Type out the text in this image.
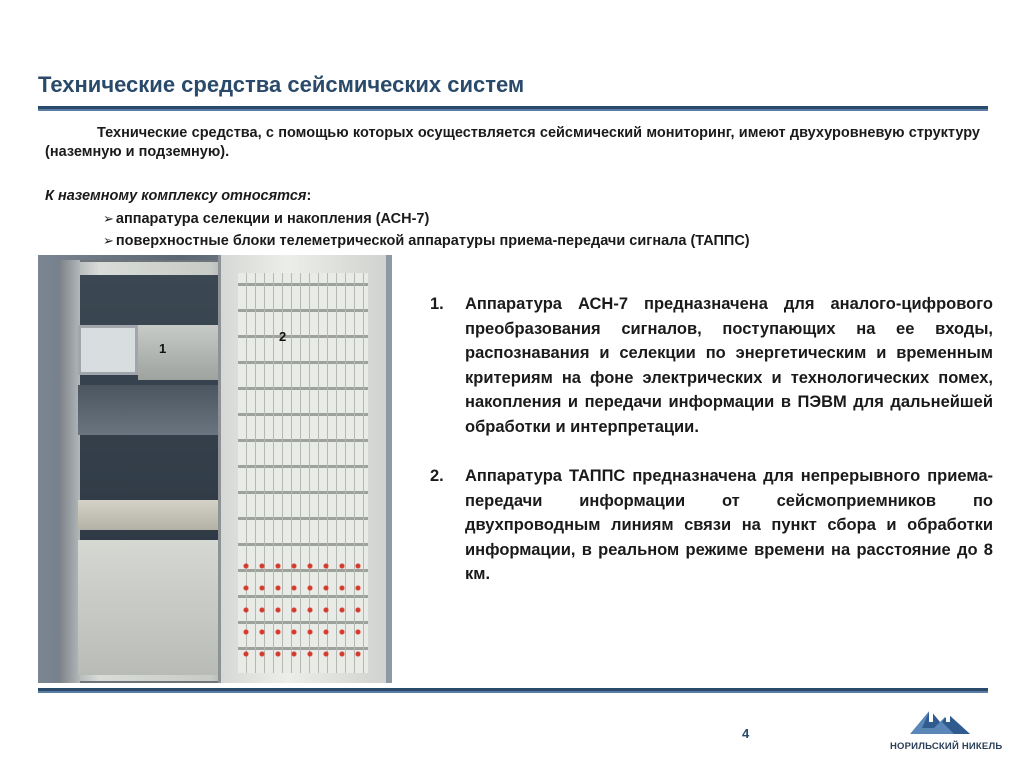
Технические средства сейсмических систем

Технические средства, с помощью которых осуществляется сейсмический мониторинг, имеют двухуровневую структуру (наземную и подземную).

К наземному комплексу относятся:
➢ аппаратура селекции и накопления (АСН-7)
➢ поверхностные блоки телеметрической аппаратуры приема-передачи сигнала (ТАППС)
1
2
1. Аппаратура АСН-7 предназначена для аналого-цифрового преобразования сигналов, поступающих на ее входы, распознавания и селекции по энергетическим и временным критериям на фоне электрических и технологических помех, накопления и передачи информации в ПЭВМ для дальнейшей обработки и интерпретации.
2. Аппаратура ТАППС предназначена для непрерывного приема-передачи информации от сейсмоприемников по двухпроводным линиям связи на пункт сбора и обработки информации, в реальном режиме времени на расстояние до 8 км.
4
НОРИЛЬСКИЙ НИКЕЛЬ
